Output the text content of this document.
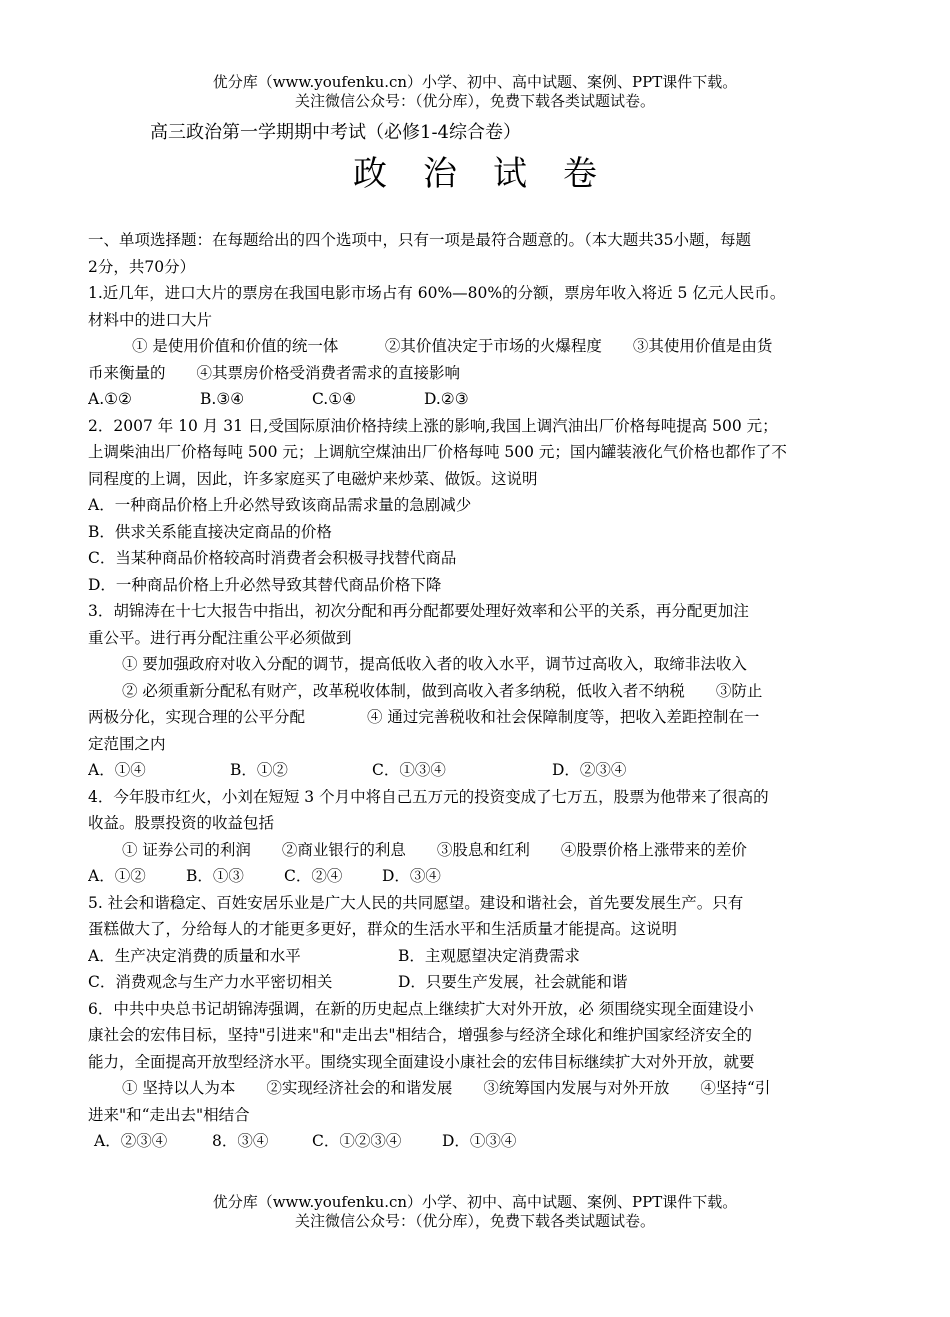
优分库（www.youfenku.cn）小学、初中、高中试题、案例、PPT课件下载。
关注微信公众号：（优分库），免费下载各类试题试卷。
高三政治第一学期期中考试（必修1-4综合卷）
政治试卷
一、单项选择题：在每题给出的四个选项中，只有一项是最符合题意的。（本大题共35小题，每题
2分，共70分）
1.近几年，进口大片的票房在我国电影市场占有 60%—80%的分额，票房年收入将近 5 亿元人民币。
材料中的进口大片
① 是使用价值和价值的统一体　　　②其价值决定于市场的火爆程度　　③其使用价值是由货
币来衡量的　　④其票房价格受消费者需求的直接影响
A.①②	B.③④	C.①④	D.②③
2．2007 年 10 月 31 日,受国际原油价格持续上涨的影响,我国上调汽油出厂价格每吨提高 500 元；
上调柴油出厂价格每吨 500 元；上调航空煤油出厂价格每吨 500 元；国内罐装液化气价格也都作了不
同程度的上调，因此，许多家庭买了电磁炉来炒菜、做饭。这说明
A．一种商品价格上升必然导致该商品需求量的急剧减少
B．供求关系能直接决定商品的价格
C．当某种商品价格较高时消费者会积极寻找替代商品
D．一种商品价格上升必然导致其替代商品价格下降
3．胡锦涛在十七大报告中指出，初次分配和再分配都要处理好效率和公平的关系，再分配更加注
重公平。进行再分配注重公平必须做到
① 要加强政府对收入分配的调节，提高低收入者的收入水平，调节过高收入，取缔非法收入
② 必须重新分配私有财产，改革税收体制，做到高收入者多纳税，低收入者不纳税　　③防止
两极分化，实现合理的公平分配　　　　④ 通过完善税收和社会保障制度等，把收入差距控制在一
定范围之内
A．①④	B．①②	C．①③④	D．②③④
4．今年股市红火，小刘在短短 3 个月中将自己五万元的投资变成了七万五，股票为他带来了很高的
收益。股票投资的收益包括
① 证券公司的利润　　②商业银行的利息　　③股息和红利　　④股票价格上涨带来的差价
A．①②	B．①③	C．②④	D．③④
5. 社会和谐稳定、百姓安居乐业是广大人民的共同愿望。建设和谐社会，首先要发展生产。只有
蛋糕做大了，分给每人的才能更多更好，群众的生活水平和生活质量才能提高。这说明
A．生产决定消费的质量和水平	B．主观愿望决定消费需求
C．消费观念与生产力水平密切相关	D．只要生产发展，社会就能和谐
6．中共中央总书记胡锦涛强调，在新的历史起点上继续扩大对外开放，必 须围绕实现全面建设小
康社会的宏伟目标，坚持"引进来"和"走出去"相结合，增强参与经济全球化和维护国家经济安全的
能力，全面提高开放型经济水平。围绕实现全面建设小康社会的宏伟目标继续扩大对外开放，就要
① 坚持以人为本　　②实现经济社会的和谐发展　　③统筹国内发展与对外开放　　④坚持“引
进来"和“走出去"相结合
A．②③④	8．③④	C．①②③④	D．①③④
优分库（www.youfenku.cn）小学、初中、高中试题、案例、PPT课件下载。
关注微信公众号：（优分库），免费下载各类试题试卷。
